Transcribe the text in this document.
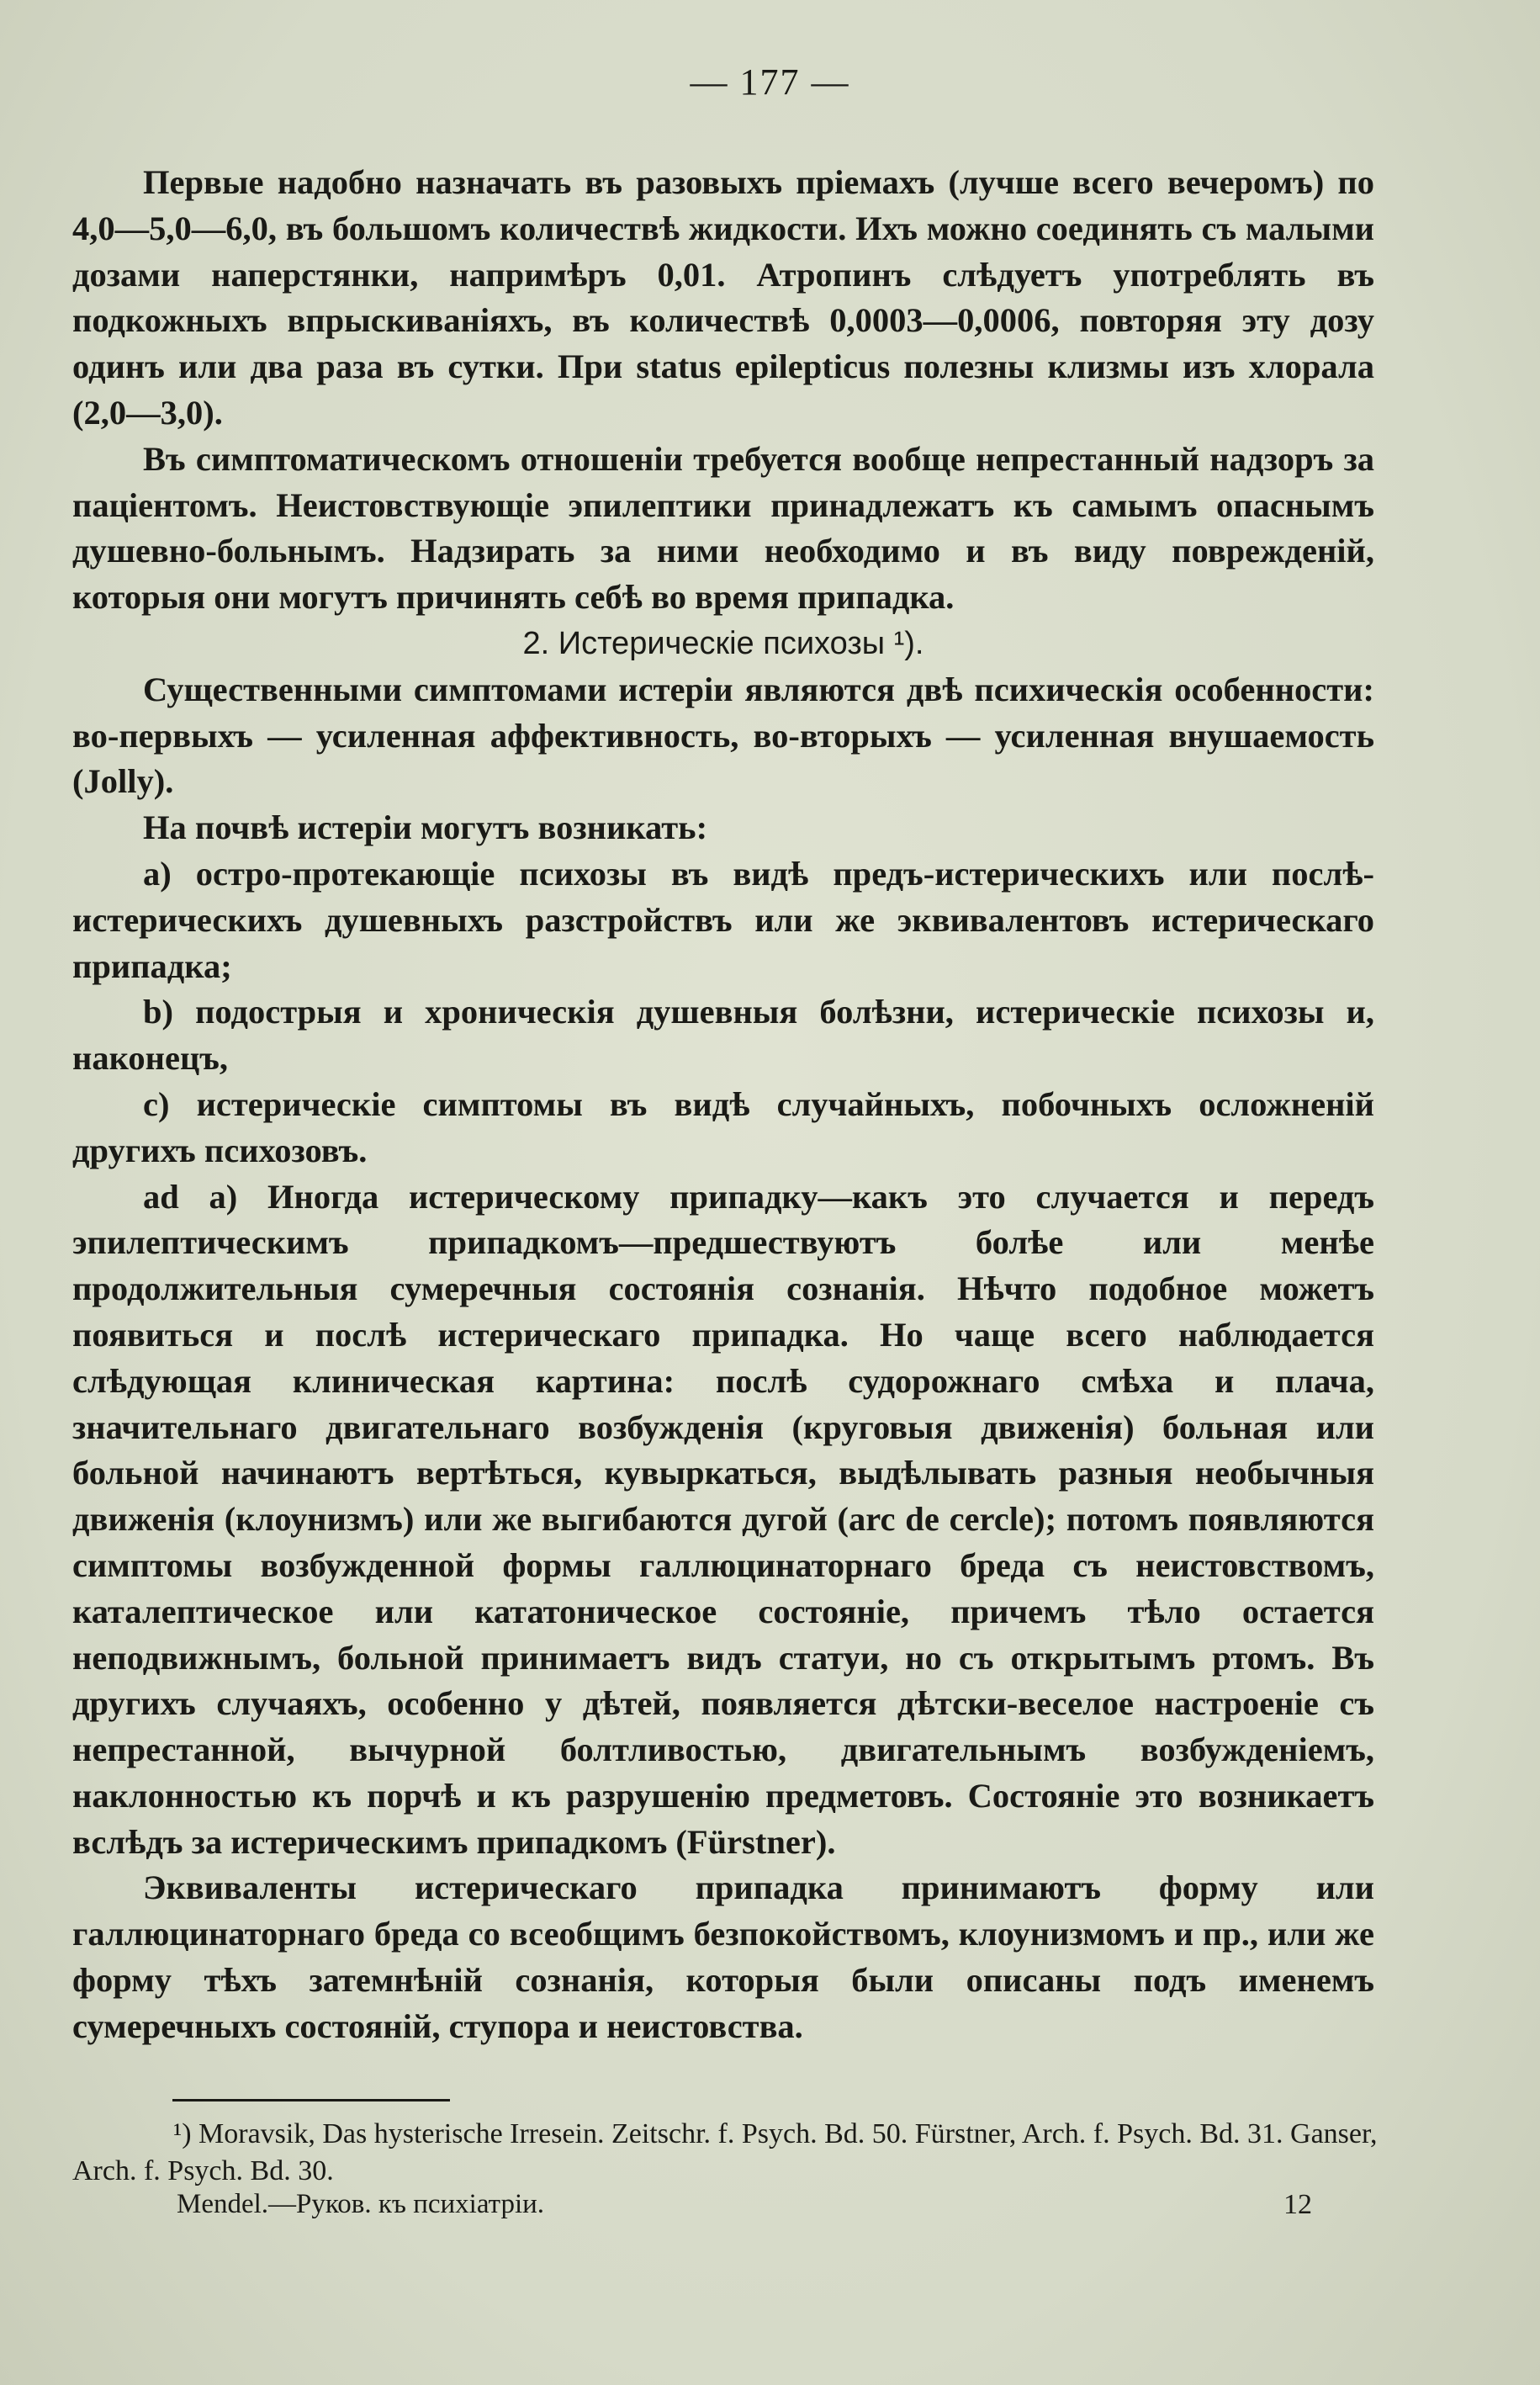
— 177 —

Первые надобно назначать въ разовыхъ пріемахъ (лучше всего вечеромъ) по 4,0—5,0—6,0, въ большомъ количествѣ жидкости. Ихъ можно соединять съ малыми дозами наперстянки, напримѣръ 0,01. Атропинъ слѣдуетъ употреблять въ подкожныхъ впрыскиваніяхъ, въ количествѣ 0,0003—0,0006, повторяя эту дозу одинъ или два раза въ сутки. При status epilepticus полезны клизмы изъ хлорала (2,0—3,0).

Въ симптоматическомъ отношеніи требуется вообще непрестанный надзоръ за паціентомъ. Неистовствующіе эпилептики принадлежатъ къ самымъ опаснымъ душевно-больнымъ. Надзирать за ними необходимо и въ виду поврежденій, которыя они могутъ причинять себѣ во время припадка.

2. Истерическіе психозы ¹).

Существенными симптомами истеріи являются двѣ психическія особенности: во-первыхъ — усиленная аффективность, во-вторыхъ — усиленная внушаемость (Jolly).

На почвѣ истеріи могутъ возникать:

a) остро-протекающіе психозы въ видѣ предъ-истерическихъ или послѣ-истерическихъ душевныхъ разстройствъ или же эквивалентовъ истерическаго припадка;

b) подострыя и хроническія душевныя болѣзни, истерическіе психозы и, наконецъ,

c) истерическіе симптомы въ видѣ случайныхъ, побочныхъ осложненій другихъ психозовъ.

ad a) Иногда истерическому припадку—какъ это случается и передъ эпилептическимъ припадкомъ—предшествуютъ болѣе или менѣе продолжительныя сумеречныя состоянія сознанія. Нѣчто подобное можетъ появиться и послѣ истерическаго припадка. Но чаще всего наблюдается слѣдующая клиническая картина: послѣ судорожнаго смѣха и плача, значительнаго двигательнаго возбужденія (круговыя движенія) больная или больной начинаютъ вертѣться, кувыркаться, выдѣлывать разныя необычныя движенія (клоунизмъ) или же выгибаются дугой (arc de cercle); потомъ появляются симптомы возбужденной формы галлюцинаторнаго бреда съ неистовствомъ, каталептическое или кататоническое состояніе, причемъ тѣло остается неподвижнымъ, больной принимаетъ видъ статуи, но съ открытымъ ртомъ. Въ другихъ случаяхъ, особенно у дѣтей, появляется дѣтски-веселое настроеніе съ непрестанной, вычурной болтливостью, двигательнымъ возбужденіемъ, наклонностью къ порчѣ и къ разрушенію предметовъ. Состояніе это возникаетъ вслѣдъ за истерическимъ припадкомъ (Fürstner).

Эквиваленты истерическаго припадка принимаютъ форму или галлюцинаторнаго бреда со всеобщимъ безпокойствомъ, клоунизмомъ и пр., или же форму тѣхъ затемнѣній сознанія, которыя были описаны подъ именемъ сумеречныхъ состояній, ступора и неистовства.

¹) Moravsik, Das hysterische Irresein. Zeitschr. f. Psych. Bd. 50. Fürstner, Arch. f. Psych. Bd. 31. Ganser, Arch. f. Psych. Bd. 30.

Mendel.—Руков. къ психіатріи.	12
